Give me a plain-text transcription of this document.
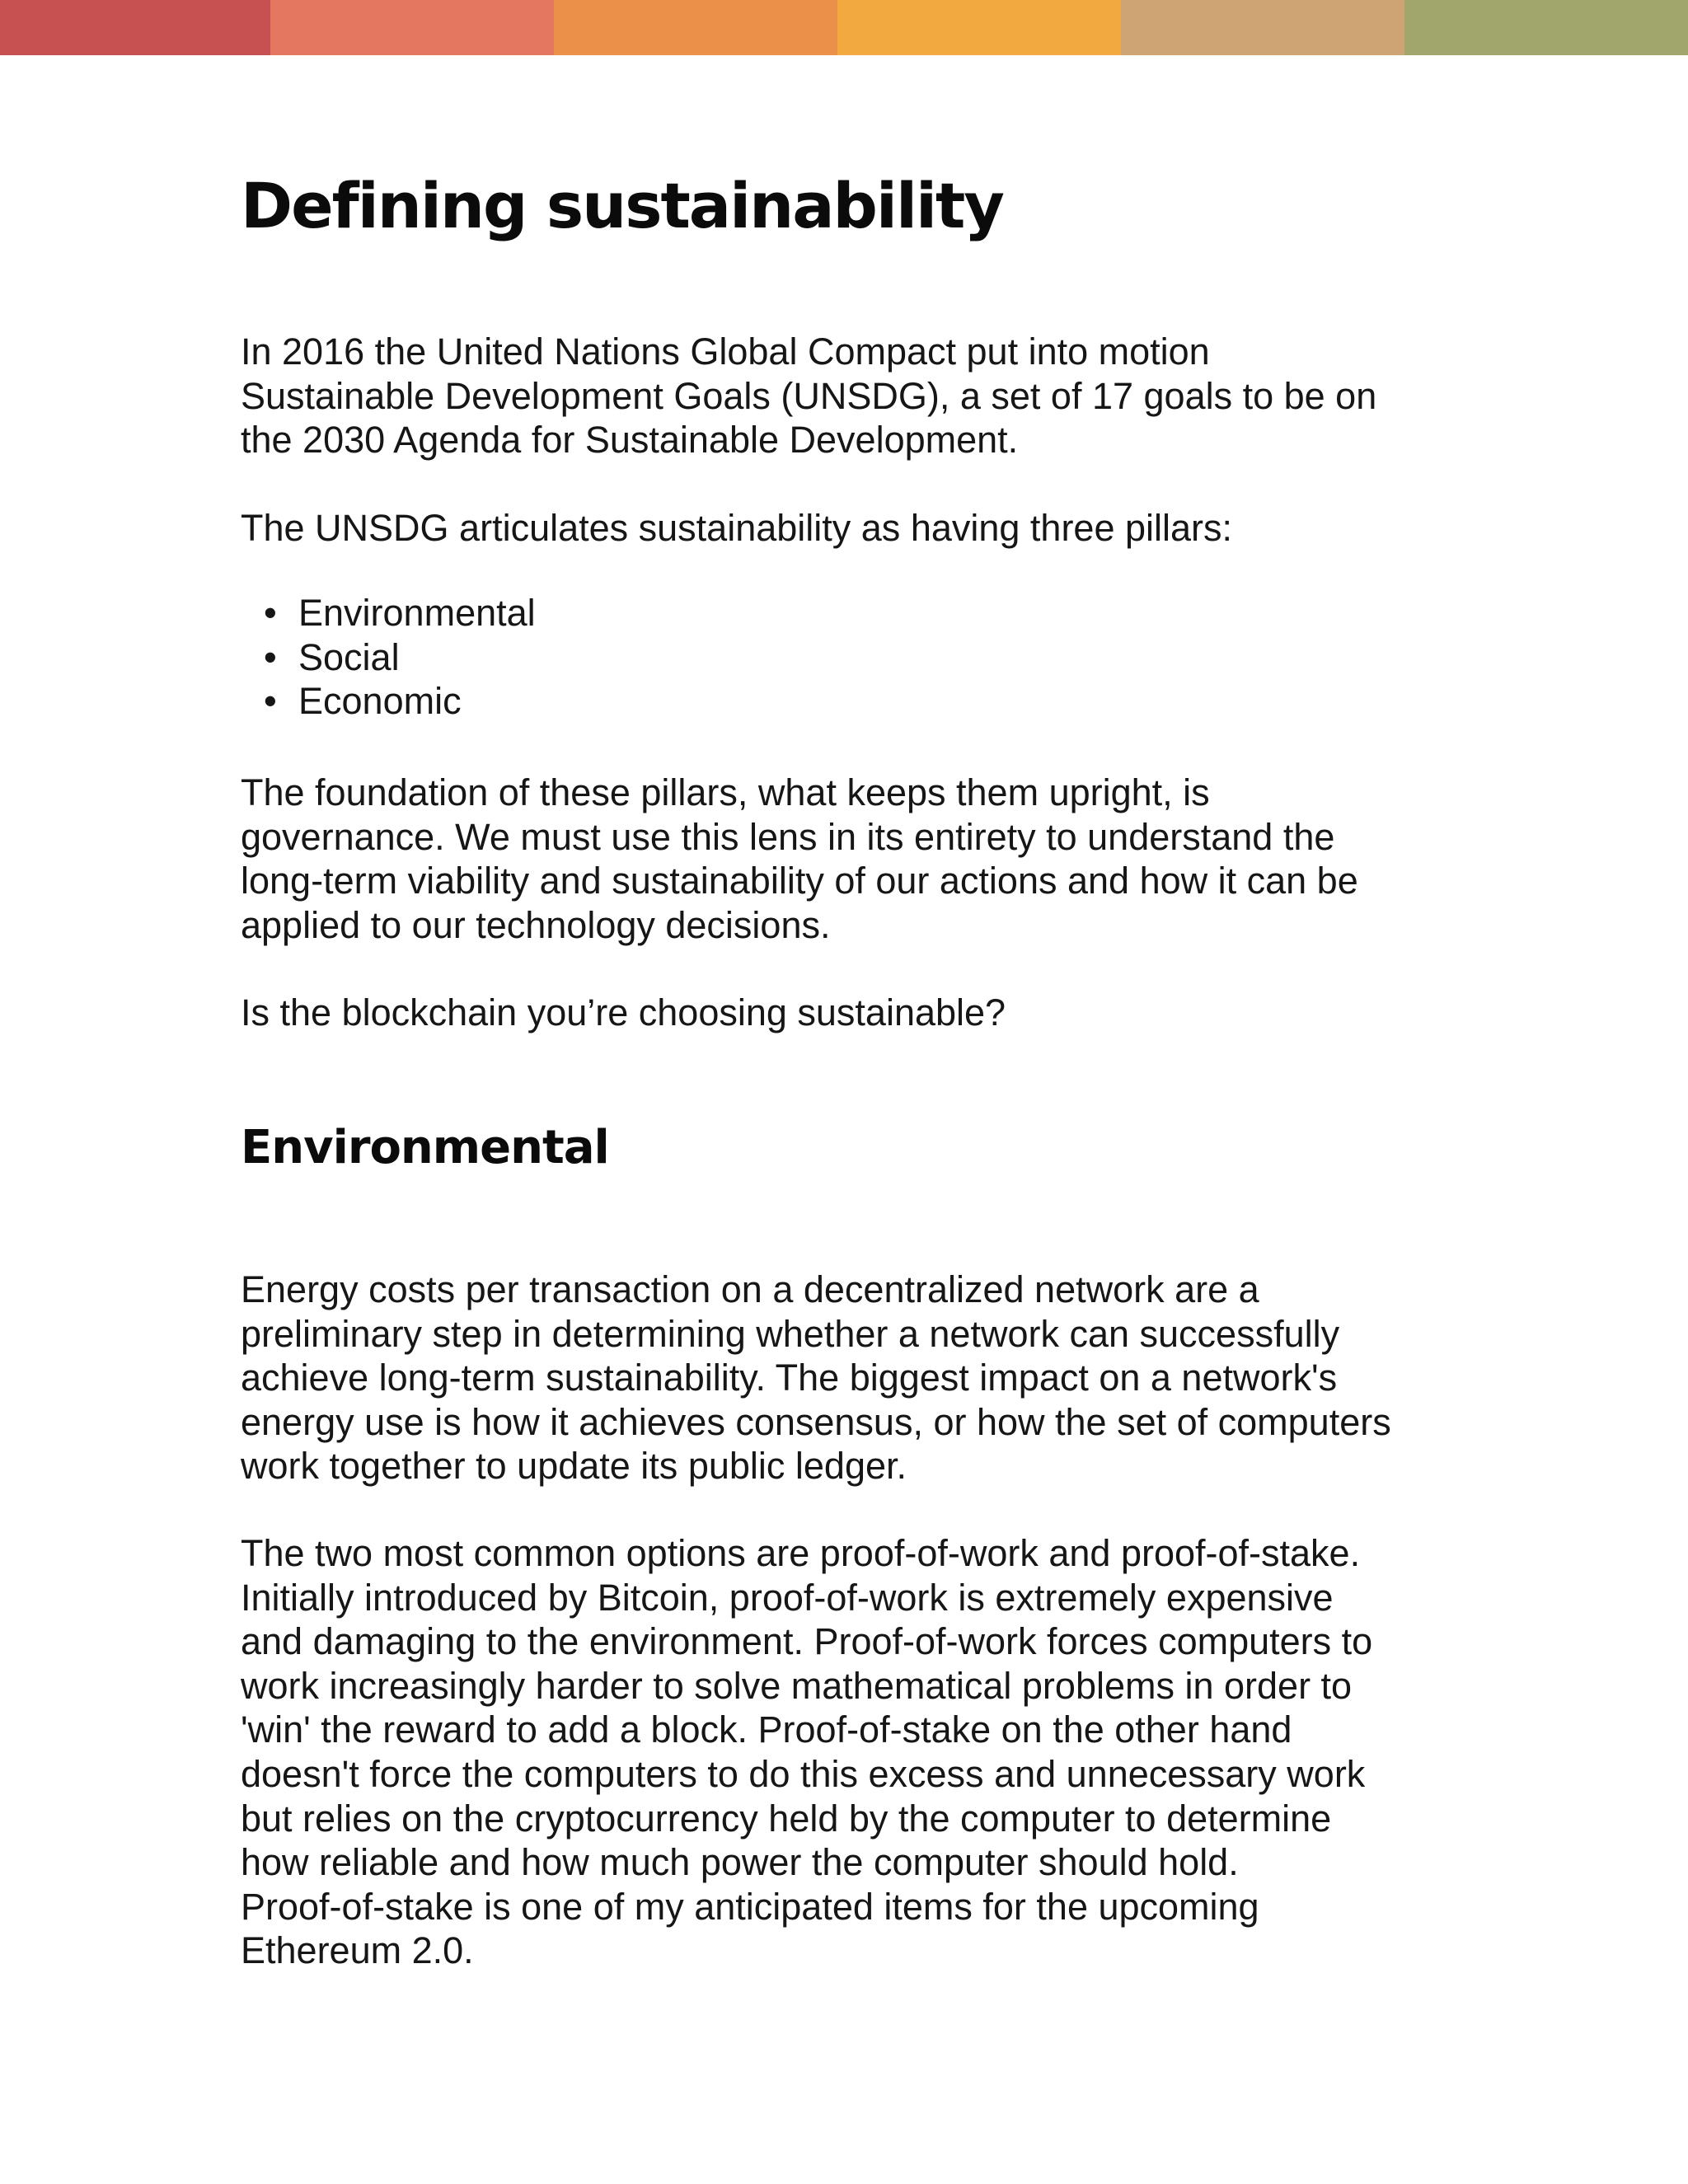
Defining sustainability

In 2016 the United Nations Global Compact put into motion
Sustainable Development Goals (UNSDG), a set of 17 goals to be on
the 2030 Agenda for Sustainable Development.

The UNSDG articulates sustainability as having three pillars:

• Environmental
• Social
• Economic

The foundation of these pillars, what keeps them upright, is
governance. We must use this lens in its entirety to understand the
long-term viability and sustainability of our actions and how it can be
applied to our technology decisions.

Is the blockchain you’re choosing sustainable?

Environmental

Energy costs per transaction on a decentralized network are a
preliminary step in determining whether a network can successfully
achieve long-term sustainability. The biggest impact on a network's
energy use is how it achieves consensus, or how the set of computers
work together to update its public ledger.

The two most common options are proof-of-work and proof-of-stake.
Initially introduced by Bitcoin, proof-of-work is extremely expensive
and damaging to the environment. Proof-of-work forces computers to
work increasingly harder to solve mathematical problems in order to
'win' the reward to add a block. Proof-of-stake on the other hand
doesn't force the computers to do this excess and unnecessary work
but relies on the cryptocurrency held by the computer to determine
how reliable and how much power the computer should hold.
Proof-of-stake is one of my anticipated items for the upcoming
Ethereum 2.0.
